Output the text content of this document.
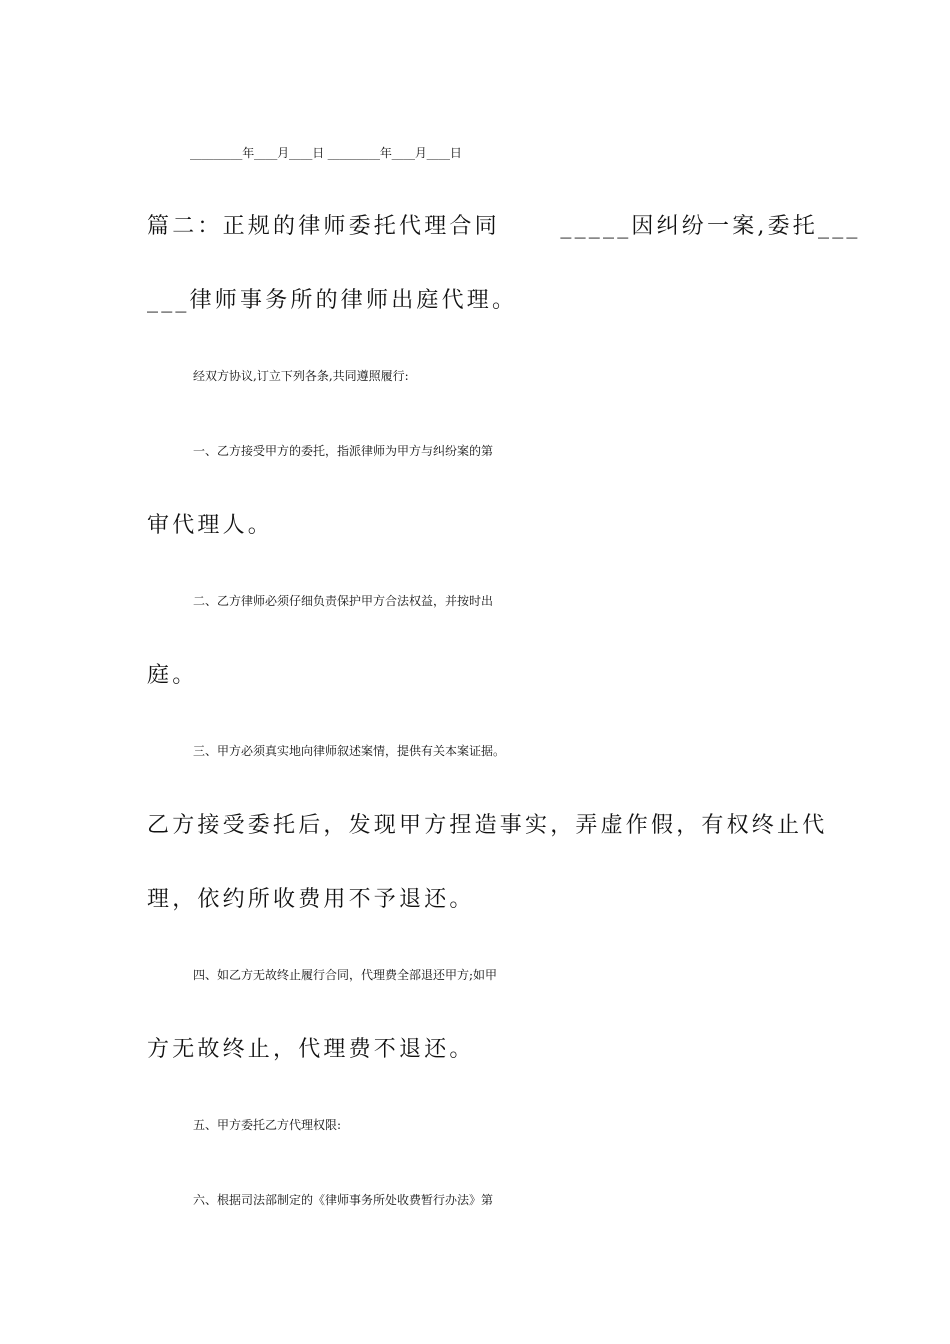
_________年____月____日 _________年____月____日
篇二：正规的律师委托代理合同　　 _____因纠纷一案,委托___
___律师事务所的律师出庭代理。
经双方协议,订立下列各条,共同遵照履行:
一、乙方接受甲方的委托，指派律师为甲方与纠纷案的第
审代理人。
二、乙方律师必须仔细负责保护甲方合法权益，并按时出
庭。
三、甲方必须真实地向律师叙述案情，提供有关本案证据。
乙方接受委托后，发现甲方捏造事实，弄虚作假，有权终止代
理，依约所收费用不予退还。
四、如乙方无故终止履行合同，代理费全部退还甲方;如甲
方无故终止，代理费不退还。
五、甲方委托乙方代理权限:
六、根据司法部制定的《律师事务所处收费暂行办法》第
